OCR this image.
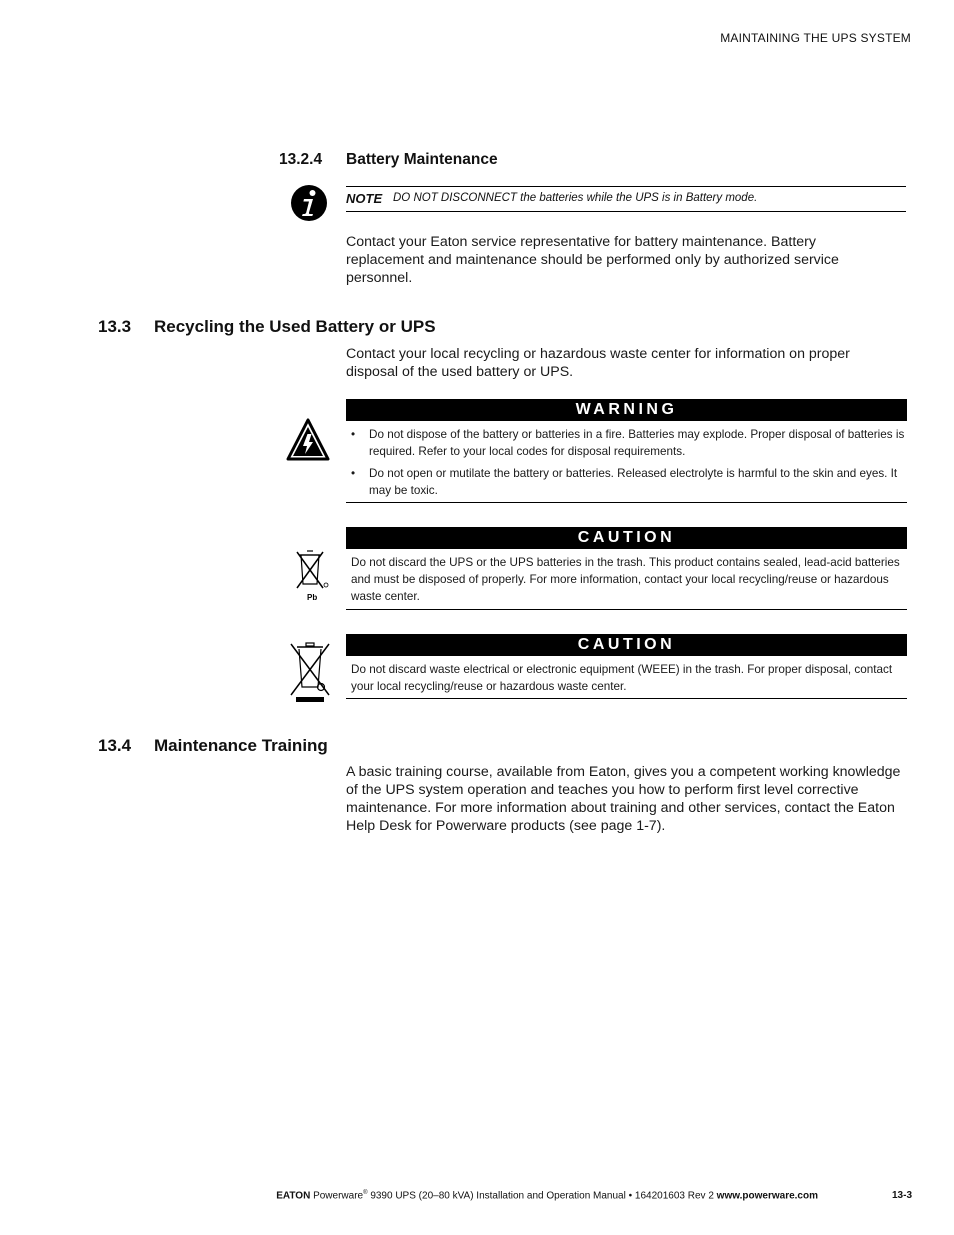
MAINTAINING THE UPS SYSTEM
13.2.4 Battery Maintenance
NOTE DO NOT DISCONNECT the batteries while the UPS is in Battery mode.
Contact your Eaton service representative for battery maintenance. Battery replacement and maintenance should be performed only by authorized service personnel.
13.3 Recycling the Used Battery or UPS
Contact your local recycling or hazardous waste center for information on proper disposal of the used battery or UPS.
WARNING
• Do not dispose of the battery or batteries in a fire. Batteries may explode. Proper disposal of batteries is required. Refer to your local codes for disposal requirements.
• Do not open or mutilate the battery or batteries. Released electrolyte is harmful to the skin and eyes. It may be toxic.
Pb
CAUTION
Do not discard the UPS or the UPS batteries in the trash. This product contains sealed, lead-acid batteries and must be disposed of properly. For more information, contact your local recycling/reuse or hazardous waste center.
CAUTION
Do not discard waste electrical or electronic equipment (WEEE) in the trash. For proper disposal, contact your local recycling/reuse or hazardous waste center.
13.4 Maintenance Training
A basic training course, available from Eaton, gives you a competent working knowledge of the UPS system operation and teaches you how to perform first level corrective maintenance. For more information about training and other services, contact the Eaton Help Desk for Powerware products (see page 1-7).
EATON Powerware® 9390 UPS (20–80 kVA) Installation and Operation Manual • 164201603 Rev 2 www.powerware.com	13-3
